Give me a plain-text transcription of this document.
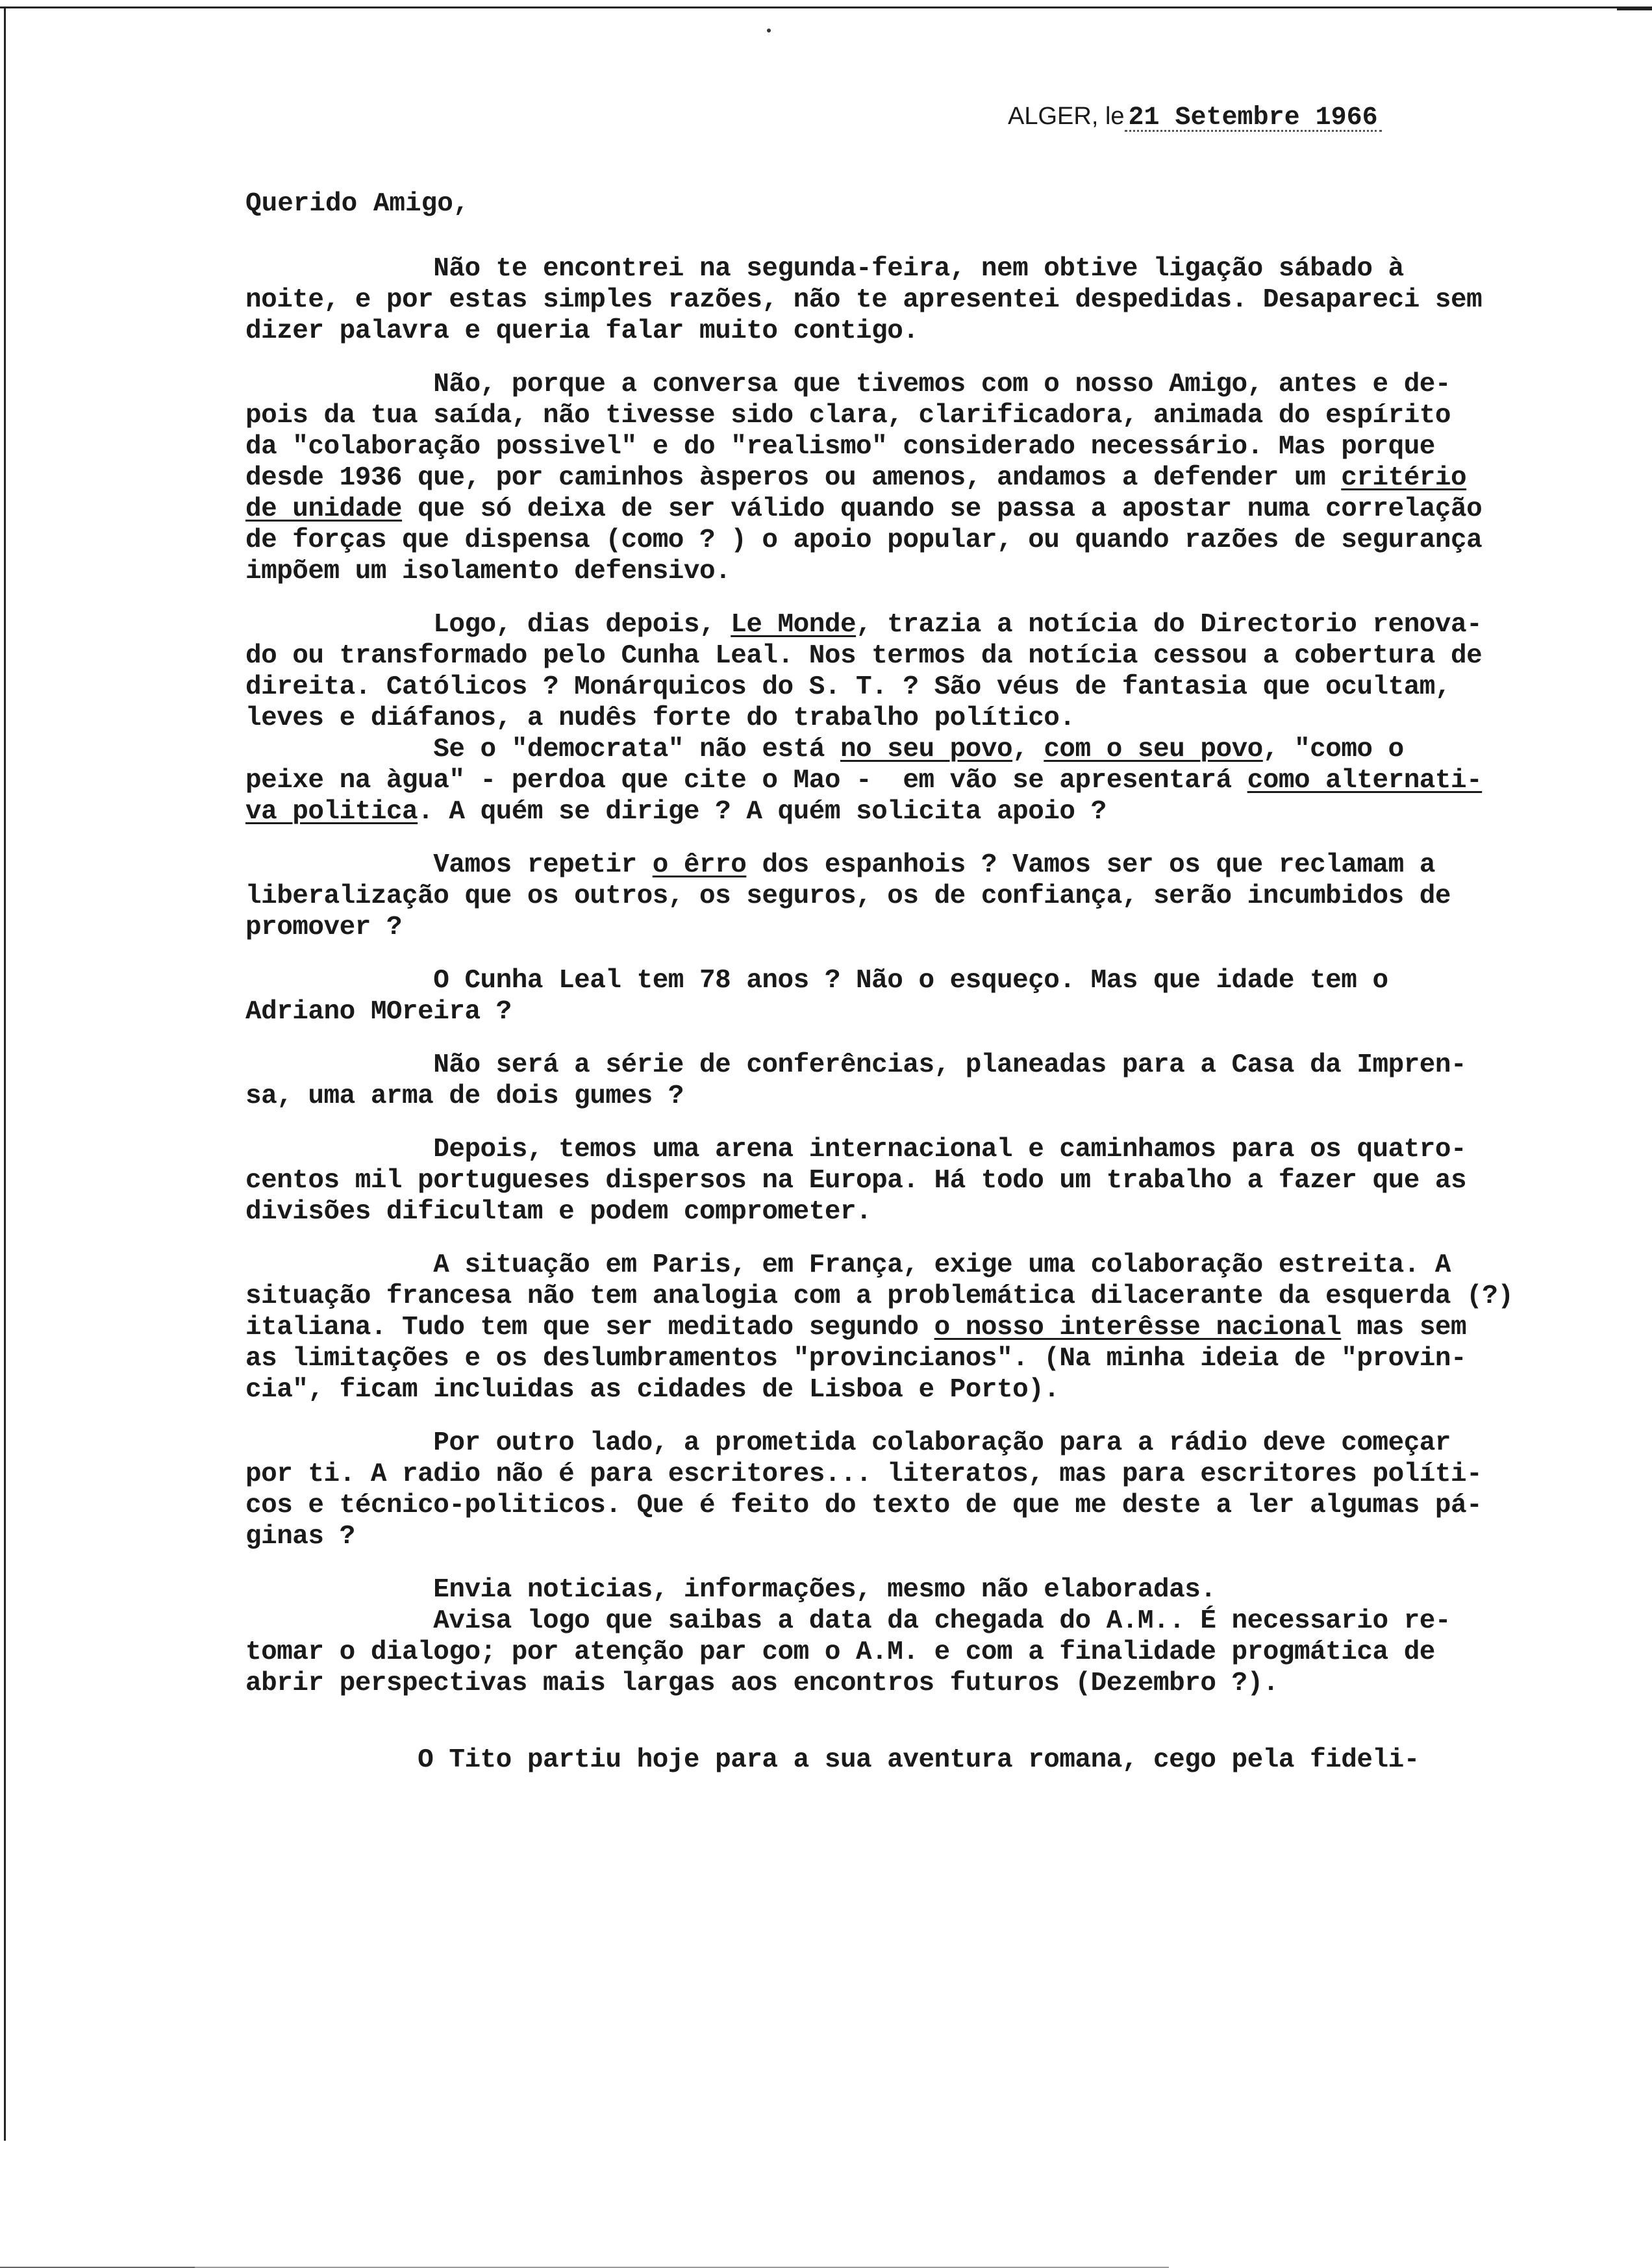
ALGER, le 21 Setembre 1966
Querido Amigo,
Não te encontrei na segunda-feira, nem obtive ligação sábado à
noite, e por estas simples razões, não te apresentei despedidas. Desapareci sem
dizer palavra e queria falar muito contigo.
Não, porque a conversa que tivemos com o nosso Amigo, antes e de-
pois da tua saída, não tivesse sido clara, clarificadora, animada do espírito
da "colaboração possivel" e do "realismo" considerado necessário. Mas porque
desde 1936 que, por caminhos àsperos ou amenos, andamos a defender um critério
de unidade que só deixa de ser válido quando se passa a apostar numa correlação
de forças que dispensa (como ? ) o apoio popular, ou quando razões de segurança
impõem um isolamento defensivo.
Logo, dias depois, Le Monde, trazia a notícia do Directorio renova-
do ou transformado pelo Cunha Leal. Nos termos da notícia cessou a cobertura de
direita. Católicos ? Monárquicos do S. T. ? São véus de fantasia que ocultam,
leves e diáfanos, a nudês forte do trabalho político.
Se o "democrata" não está no seu povo, com o seu povo, "como o
peixe na àgua" - perdoa que cite o Mao -  em vão se apresentará como alternati-
va politica. A quém se dirige ? A quém solicita apoio ?
Vamos repetir o êrro dos espanhois ? Vamos ser os que reclamam a
liberalização que os outros, os seguros, os de confiança, serão incumbidos de
promover ?
O Cunha Leal tem 78 anos ? Não o esqueço. Mas que idade tem o
Adriano MOreira ?
Não será a série de conferências, planeadas para a Casa da Impren-
sa, uma arma de dois gumes ?
Depois, temos uma arena internacional e caminhamos para os quatro-
centos mil portugueses dispersos na Europa. Há todo um trabalho a fazer que as
divisões dificultam e podem comprometer.
A situação em Paris, em França, exige uma colaboração estreita. A
situação francesa não tem analogia com a problemática dilacerante da esquerda (?)
italiana. Tudo tem que ser meditado segundo o nosso interêsse nacional mas sem
as limitações e os deslumbramentos "provincianos". (Na minha ideia de "provin-
cia", ficam incluidas as cidades de Lisboa e Porto).
Por outro lado, a prometida colaboração para a rádio deve começar
por ti. A radio não é para escritores... literatos, mas para escritores políti-
cos e técnico-politicos. Que é feito do texto de que me deste a ler algumas pá-
ginas ?
Envia noticias, informações, mesmo não elaboradas.
Avisa logo que saibas a data da chegada do A.M.. É necessario re-
tomar o dialogo; por atenção par com o A.M. e com a finalidade progmática de
abrir perspectivas mais largas aos encontros futuros (Dezembro ?).
O Tito partiu hoje para a sua aventura romana, cego pela fideli-
